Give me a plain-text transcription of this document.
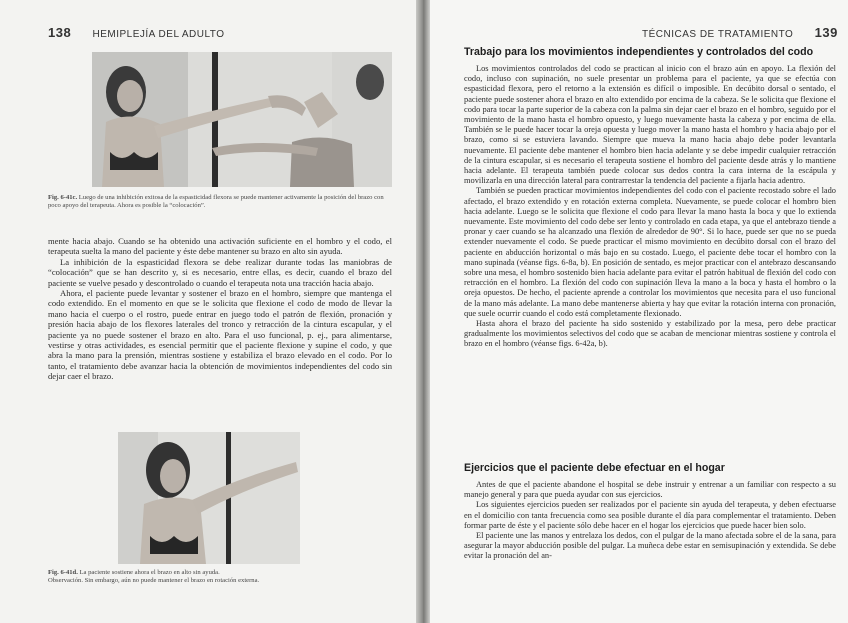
138 HEMIPLEJÍA DEL ADULTO
Fig. 6-41c. Luego de una inhibición exitosa de la espasticidad flexora se puede mantener activamente la posición del brazo con poco apoyo del terapeuta. Ahora es posible la “colocación”.

mente hacia abajo. Cuando se ha obtenido una activación suficiente en el hombro y el codo, el terapeuta suelta la mano del paciente y éste debe mantener su brazo en alto sin ayuda.

La inhibición de la espasticidad flexora se debe realizar durante todas las maniobras de “colocación” que se han descrito y, si es necesario, entre ellas, es decir, cuando el brazo del paciente se vuelve pesado y descontrolado o cuando el terapeuta nota una tracción hacia abajo.

Ahora, el paciente puede levantar y sostener el brazo en el hombro, siempre que mantenga el codo extendido. En el momento en que se le solicita que flexione el codo de modo de llevar la mano hacia el cuerpo o el rostro, puede entrar en juego todo el patrón de flexión, pronación y presión hacia abajo de los flexores laterales del tronco y retracción de la cintura escapular, y el paciente ya no puede sostener el brazo en alto. Para el uso funcional, p. ej., para alimentarse, vestirse y otras actividades, es esencial permitir que el paciente flexione y supine el codo, y que abra la mano para la prensión, mientras sostiene y estabiliza el brazo elevado en el codo. Por lo tanto, el tratamiento debe avanzar hacia la obtención de movimientos independientes del codo sin dejar caer el brazo.

Fig. 6-41d. La paciente sostiene ahora el brazo en alto sin ayuda.
Observación. Sin embargo, aún no puede mantener el brazo en rotación externa.
TÉCNICAS DE TRATAMIENTO 139
Trabajo para los movimientos independientes y controlados del codo

Los movimientos controlados del codo se practican al inicio con el brazo aún en apoyo. La flexión del codo, incluso con supinación, no suele presentar un problema para el paciente, ya que se efectúa con espasticidad flexora, pero el retorno a la extensión es difícil o imposible. En decúbito dorsal o sentado, el paciente puede sostener ahora el brazo en alto extendido por encima de la cabeza. Se le solicita que flexione el codo para tocar la parte superior de la cabeza con la palma sin dejar caer el brazo en el hombro, seguido por el movimiento de la mano hasta el hombro opuesto, y luego nuevamente hasta la cabeza y por encima de ella. También se le puede hacer tocar la oreja opuesta y luego mover la mano hasta el hombro y hacia abajo por el brazo, como si se estuviera lavando. Siempre que mueva la mano hacia abajo debe poder levantarla nuevamente. El paciente debe mantener el hombro bien hacia adelante y se debe impedir cualquier retracción de la cintura escapular, si es necesario el terapeuta sostiene el hombro del paciente desde atrás y lo mantiene hacia adelante. El terapeuta también puede colocar sus dedos contra la cara interna de la escápula y movilizarla en una dirección lateral para contrarrestar la tendencia del paciente a fijarla hacia adentro.

También se pueden practicar movimientos independientes del codo con el paciente recostado sobre el lado afectado, el brazo extendido y en rotación externa completa. Nuevamente, se puede colocar el hombro bien hacia adelante. Luego se le solicita que flexione el codo para llevar la mano hasta la boca y que lo extienda nuevamente. Este movimiento del codo debe ser lento y controlado en cada etapa, ya que el antebrazo tiende a pronar y caer cuando se ha alcanzado una flexión de alrededor de 90°. Si lo hace, puede ser que no se pueda extender nuevamente el codo. Se puede practicar el mismo movimiento en decúbito dorsal con el brazo del paciente en abducción horizontal o más bajo en su costado. Luego, el paciente debe tocar el hombro con la mano supinada (véanse figs. 6-8a, b). En posición de sentado, es mejor practicar con el antebrazo descansando sobre una mesa, el hombro sostenido bien hacia adelante para evitar el patrón habitual de flexión del codo con retracción en el hombro. La flexión del codo con supinación lleva la mano a la boca y hasta el hombro o la oreja opuestos. De hecho, el paciente aprende a controlar los movimientos que necesita para el uso funcional de la mano más adelante. La mano debe mantenerse abierta y hay que evitar la rotación interna con pronación, que suele ocurrir cuando el codo está completamente flexionado.

Hasta ahora el brazo del paciente ha sido sostenido y estabilizado por la mesa, pero debe practicar gradualmente los movimientos selectivos del codo que se acaban de mencionar mientras sostiene y controla el brazo en el hombro (véanse figs. 6-42a, b).

Ejercicios que el paciente debe efectuar en el hogar

Antes de que el paciente abandone el hospital se debe instruir y entrenar a un familiar con respecto a su manejo general y para que pueda ayudar con sus ejercicios.

Los siguientes ejercicios pueden ser realizados por el paciente sin ayuda del terapeuta, y deben efectuarse en el domicilio con tanta frecuencia como sea posible durante el día para complementar el tratamiento. Deben formar parte de éste y el paciente sólo debe hacer en el hogar los ejercicios que puede hacer bien solo.

El paciente une las manos y entrelaza los dedos, con el pulgar de la mano afectada sobre el de la sana, para asegurar la mayor abducción posible del pulgar. La muñeca debe estar en semisupinación y extendida. Se debe evitar la pronación del an-
